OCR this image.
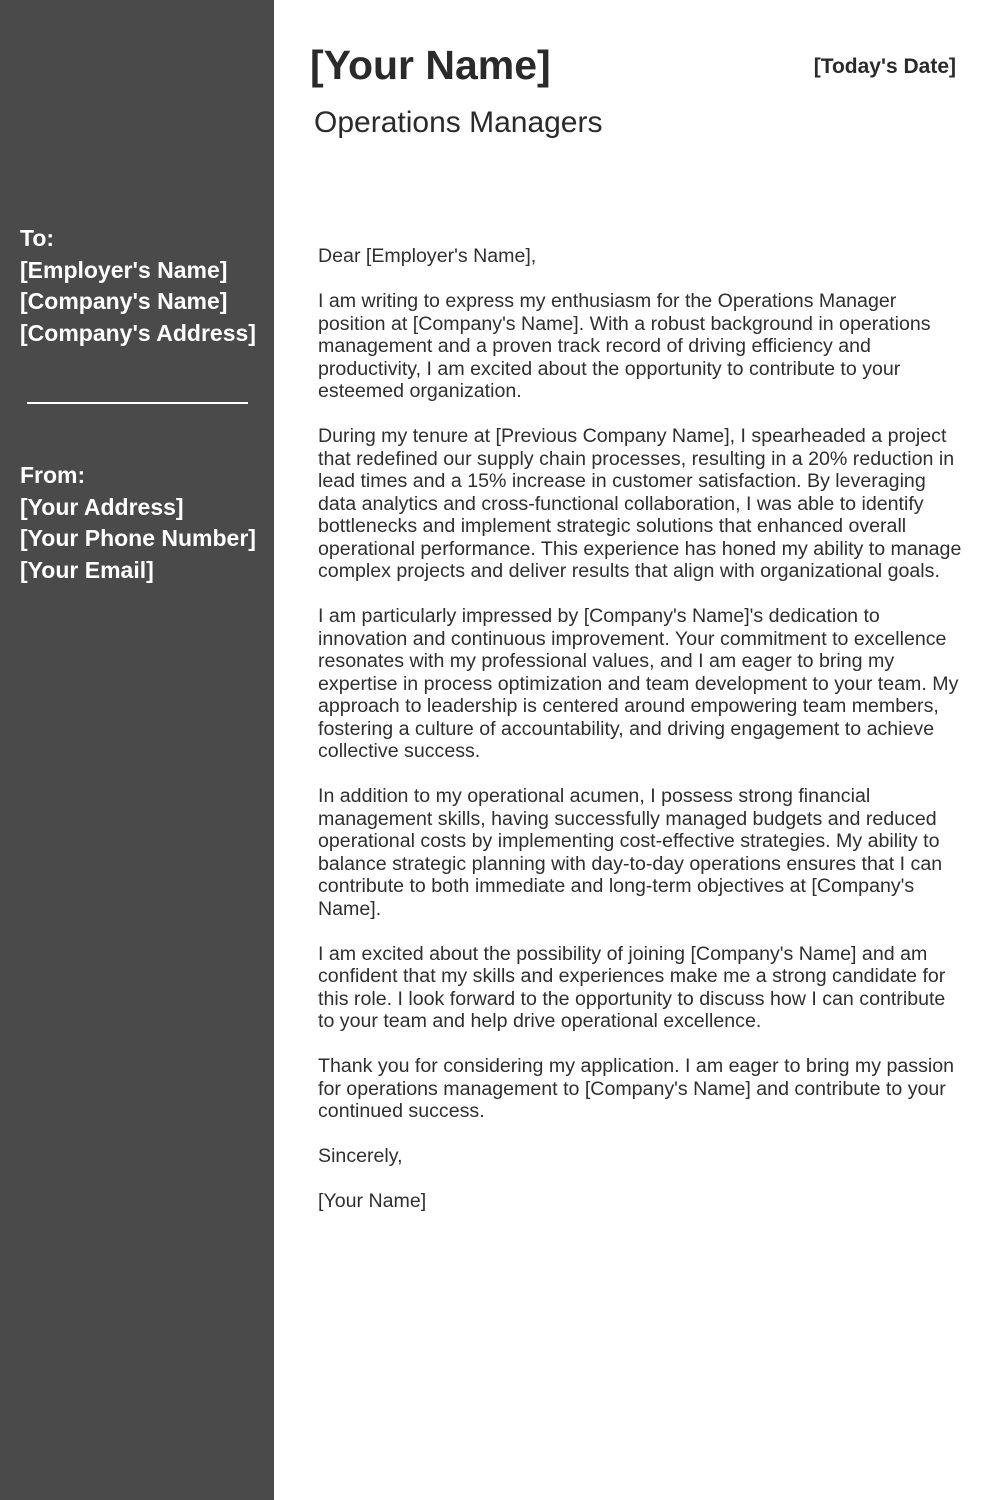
To:
[Employer's Name]
[Company's Name]
[Company's Address]
From:
[Your Address]
[Your Phone Number]
[Your Email]
[Your Name]	[Today's Date]
Operations Managers

Dear [Employer's Name],

I am writing to express my enthusiasm for the Operations Manager position at [Company's Name]. With a robust background in operations management and a proven track record of driving efficiency and productivity, I am excited about the opportunity to contribute to your esteemed organization.

During my tenure at [Previous Company Name], I spearheaded a project that redefined our supply chain processes, resulting in a 20% reduction in lead times and a 15% increase in customer satisfaction. By leveraging data analytics and cross-functional collaboration, I was able to identify bottlenecks and implement strategic solutions that enhanced overall operational performance. This experience has honed my ability to manage complex projects and deliver results that align with organizational goals.

I am particularly impressed by [Company's Name]'s dedication to innovation and continuous improvement. Your commitment to excellence resonates with my professional values, and I am eager to bring my expertise in process optimization and team development to your team. My approach to leadership is centered around empowering team members, fostering a culture of accountability, and driving engagement to achieve collective success.

In addition to my operational acumen, I possess strong financial management skills, having successfully managed budgets and reduced operational costs by implementing cost-effective strategies. My ability to balance strategic planning with day-to-day operations ensures that I can contribute to both immediate and long-term objectives at [Company's Name].

I am excited about the possibility of joining [Company's Name] and am confident that my skills and experiences make me a strong candidate for this role. I look forward to the opportunity to discuss how I can contribute to your team and help drive operational excellence.

Thank you for considering my application. I am eager to bring my passion for operations management to [Company's Name] and contribute to your continued success.

Sincerely,

[Your Name]
